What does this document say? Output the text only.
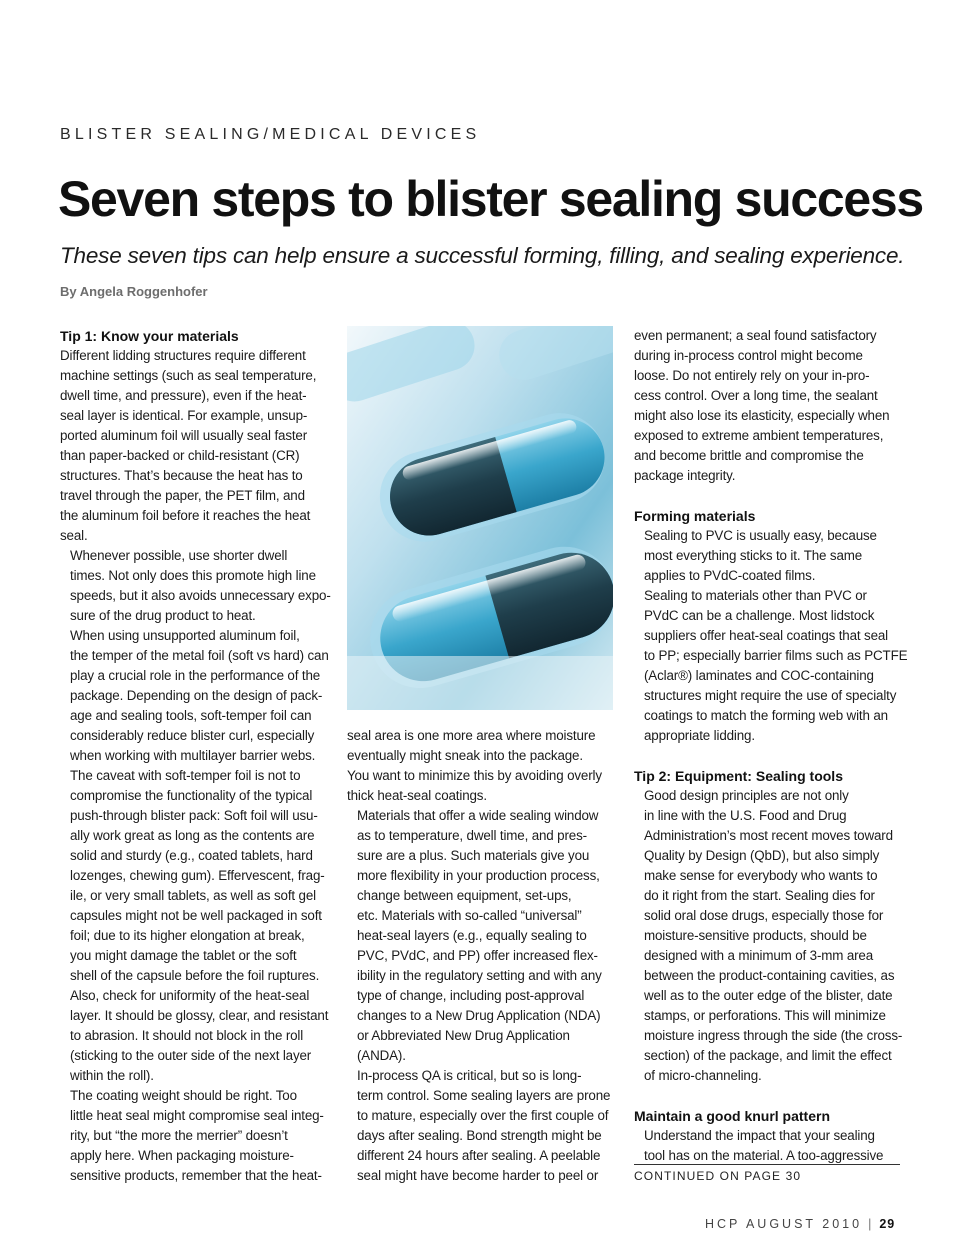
BLISTER SEALING/MEDICAL DEVICES
Seven steps to blister sealing success
These seven tips can help ensure a successful forming, filling, and sealing experience.
By Angela Roggenhofer
Tip 1: Know your materials

Different lidding structures require different
machine settings (such as seal temperature,
dwell time, and pressure), even if the heat-
seal layer is identical. For example, unsup-
ported aluminum foil will usually seal faster
than paper-backed or child-resistant (CR)
structures. That’s because the heat has to
travel through the paper, the PET film, and
the aluminum foil before it reaches the heat
seal.

Whenever possible, use shorter dwell
times. Not only does this promote high line
speeds, but it also avoids unnecessary expo-
sure of the drug product to heat.

When using unsupported aluminum foil,
the temper of the metal foil (soft vs hard) can
play a crucial role in the performance of the
package. Depending on the design of pack-
age and sealing tools, soft-temper foil can
considerably reduce blister curl, especially
when working with multilayer barrier webs.

The caveat with soft-temper foil is not to
compromise the functionality of the typical
push-through blister pack: Soft foil will usu-
ally work great as long as the contents are
solid and sturdy (e.g., coated tablets, hard
lozenges, chewing gum). Effervescent, frag-
ile, or very small tablets, as well as soft gel
capsules might not be well packaged in soft
foil; due to its higher elongation at break,
you might damage the tablet or the soft
shell of the capsule before the foil ruptures.

Also, check for uniformity of the heat-seal
layer. It should be glossy, clear, and resistant
to abrasion. It should not block in the roll
(sticking to the outer side of the next layer
within the roll).

The coating weight should be right. Too
little heat seal might compromise seal integ-
rity, but “the more the merrier” doesn’t
apply here. When packaging moisture-
sensitive products, remember that the heat-

seal area is one more area where moisture
eventually might sneak into the package.
You want to minimize this by avoiding overly
thick heat-seal coatings.

Materials that offer a wide sealing window
as to temperature, dwell time, and pres-
sure are a plus. Such materials give you
more flexibility in your production process,
change between equipment, set-ups,
etc. Materials with so-called “universal”
heat-seal layers (e.g., equally sealing to
PVC, PVdC, and PP) offer increased flex-
ibility in the regulatory setting and with any
type of change, including post-approval
changes to a New Drug Application (NDA)
or Abbreviated New Drug Application
(ANDA).

In-process QA is critical, but so is long-
term control. Some sealing layers are prone
to mature, especially over the first couple of
days after sealing. Bond strength might be
different 24 hours after sealing. A peelable
seal might have become harder to peel or

even permanent; a seal found satisfactory
during in-process control might become
loose. Do not entirely rely on your in-pro-
cess control. Over a long time, the sealant
might also lose its elasticity, especially when
exposed to extreme ambient temperatures,
and become brittle and compromise the
package integrity.

Forming materials

Sealing to PVC is usually easy, because
most everything sticks to it. The same
applies to PVdC-coated films.

Sealing to materials other than PVC or
PVdC can be a challenge. Most lidstock
suppliers offer heat-seal coatings that seal
to PP; especially barrier films such as PCTFE
(Aclar®) laminates and COC-containing
structures might require the use of specialty
coatings to match the forming web with an
appropriate lidding.

Tip 2: Equipment: Sealing tools

Good design principles are not only
in line with the U.S. Food and Drug
Administration’s most recent moves toward
Quality by Design (QbD), but also simply
make sense for everybody who wants to
do it right from the start. Sealing dies for
solid oral dose drugs, especially those for
moisture-sensitive products, should be
designed with a minimum of 3-mm area
between the product-containing cavities, as
well as to the outer edge of the blister, date
stamps, or perforations. This will minimize
moisture ingress through the side (the cross-
section) of the package, and limit the effect
of micro-channeling.

Maintain a good knurl pattern

Understand the impact that your sealing
tool has on the material. A too-aggressive

CONTINUED ON PAGE 30
HCP AUGUST 2010 | 29
